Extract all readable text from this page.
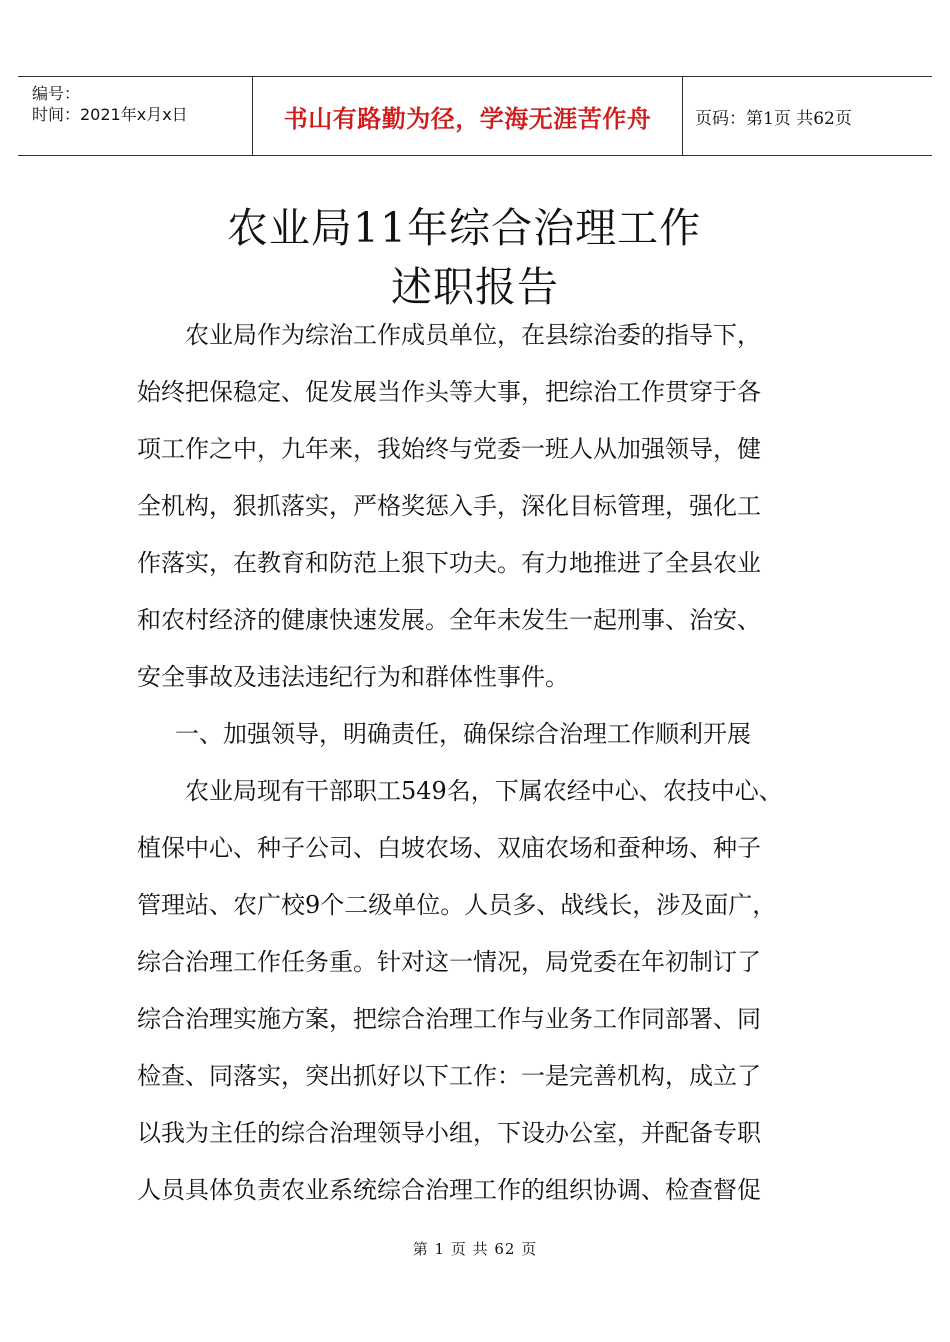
编号：
时间：2021年x月x日	书山有路勤为径，学海无涯苦作舟	页码：第1页 共62页
农业局11年综合治理工作
述职报告
　农业局作为综治工作成员单位，在县综治委的指导下，
始终把保稳定、促发展当作头等大事，把综治工作贯穿于各
项工作之中，九年来，我始终与党委一班人从加强领导，健
全机构，狠抓落实，严格奖惩入手，深化目标管理，强化工
作落实，在教育和防范上狠下功夫。有力地推进了全县农业
和农村经济的健康快速发展。全年未发生一起刑事、治安、
安全事故及违法违纪行为和群体性事件。
一、加强领导，明确责任，确保综合治理工作顺利开展
　农业局现有干部职工549名，下属农经中心、农技中心、
植保中心、种子公司、白坡农场、双庙农场和蚕种场、种子
管理站、农广校9个二级单位。人员多、战线长，涉及面广，
综合治理工作任务重。针对这一情况，局党委在年初制订了
综合治理实施方案，把综合治理工作与业务工作同部署、同
检查、同落实，突出抓好以下工作：一是完善机构，成立了
以我为主任的综合治理领导小组，下设办公室，并配备专职
人员具体负责农业系统综合治理工作的组织协调、检查督促
第 1 页 共 62 页
